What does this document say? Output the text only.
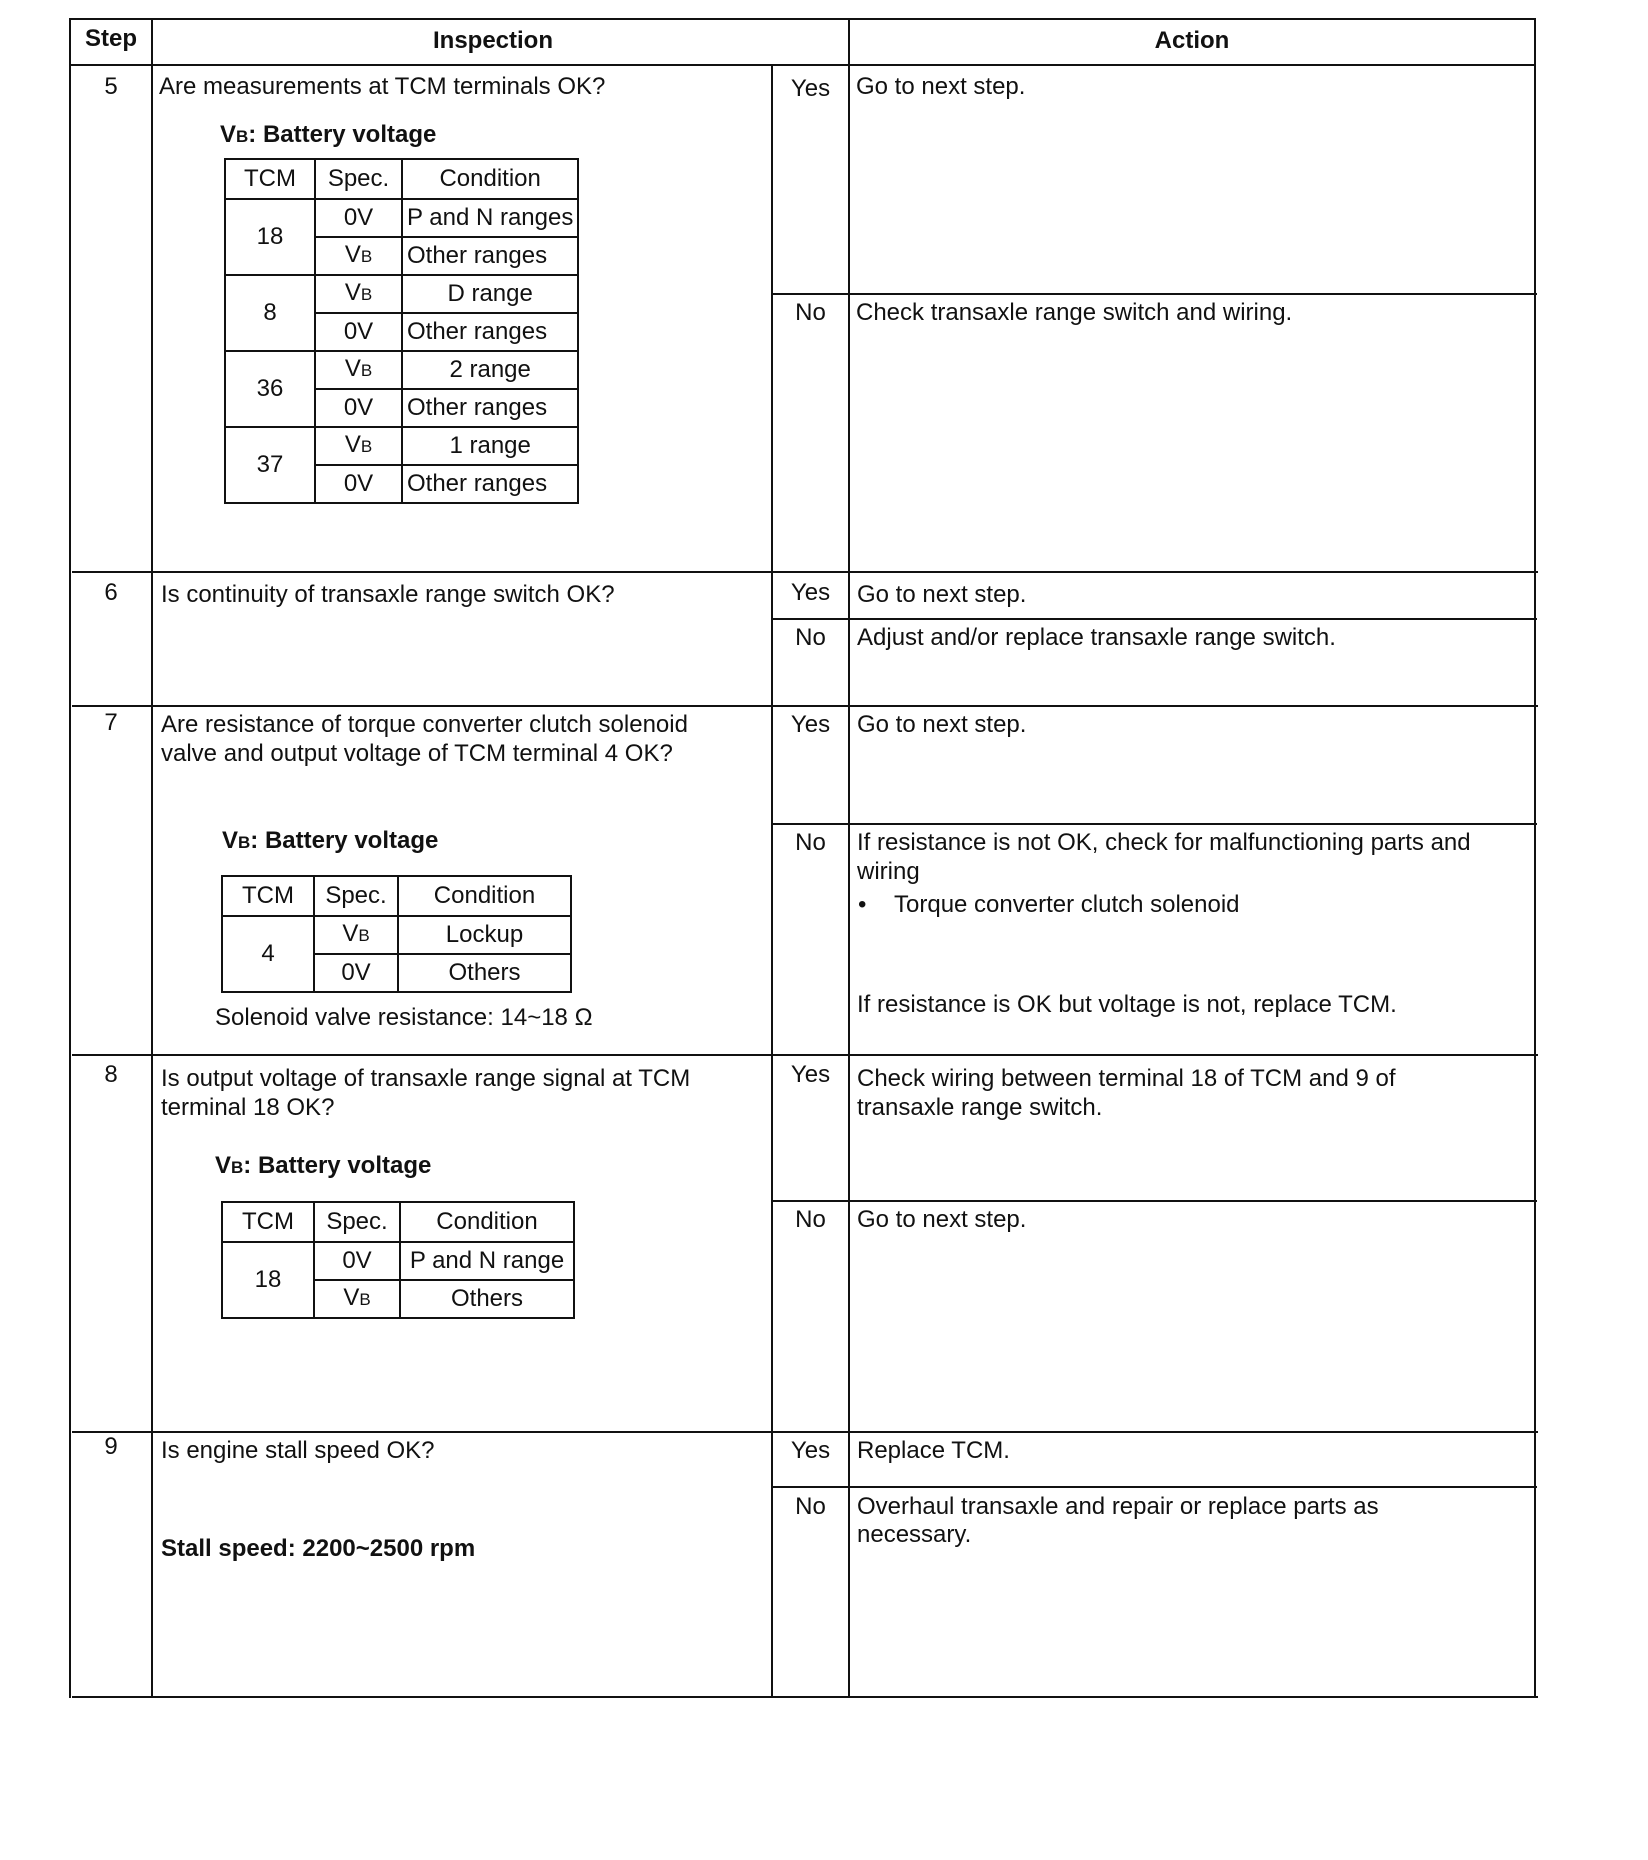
Step	Inspection	Action
5	Are measurements at TCM terminals OK?
VB: Battery voltage
TCM	Spec.	Condition
18	0V	P and N ranges
	VB	Other ranges
8	VB	D range
	0V	Other ranges
36	VB	2 range
	0V	Other ranges
37	VB	1 range
	0V	Other ranges
Yes	Go to next step.
No	Check transaxle range switch and wiring.
6	Is continuity of transaxle range switch OK?	Yes	Go to next step.
No	Adjust and/or replace transaxle range switch.
7	Are resistance of torque converter clutch solenoid
valve and output voltage of TCM terminal 4 OK?
VB: Battery voltage
TCM	Spec.	Condition
4	VB	Lockup
	0V	Others
Solenoid valve resistance: 14~18 Ω
Yes	Go to next step.
No	If resistance is not OK, check for malfunctioning parts and
wiring
• Torque converter clutch solenoid
If resistance is OK but voltage is not, replace TCM.
8	Is output voltage of transaxle range signal at TCM
terminal 18 OK?
VB: Battery voltage
TCM	Spec.	Condition
18	0V	P and N range
	VB	Others
Yes	Check wiring between terminal 18 of TCM and 9 of
transaxle range switch.
No	Go to next step.
9	Is engine stall speed OK?
Stall speed: 2200~2500 rpm
Yes	Replace TCM.
No	Overhaul transaxle and repair or replace parts as
necessary.
